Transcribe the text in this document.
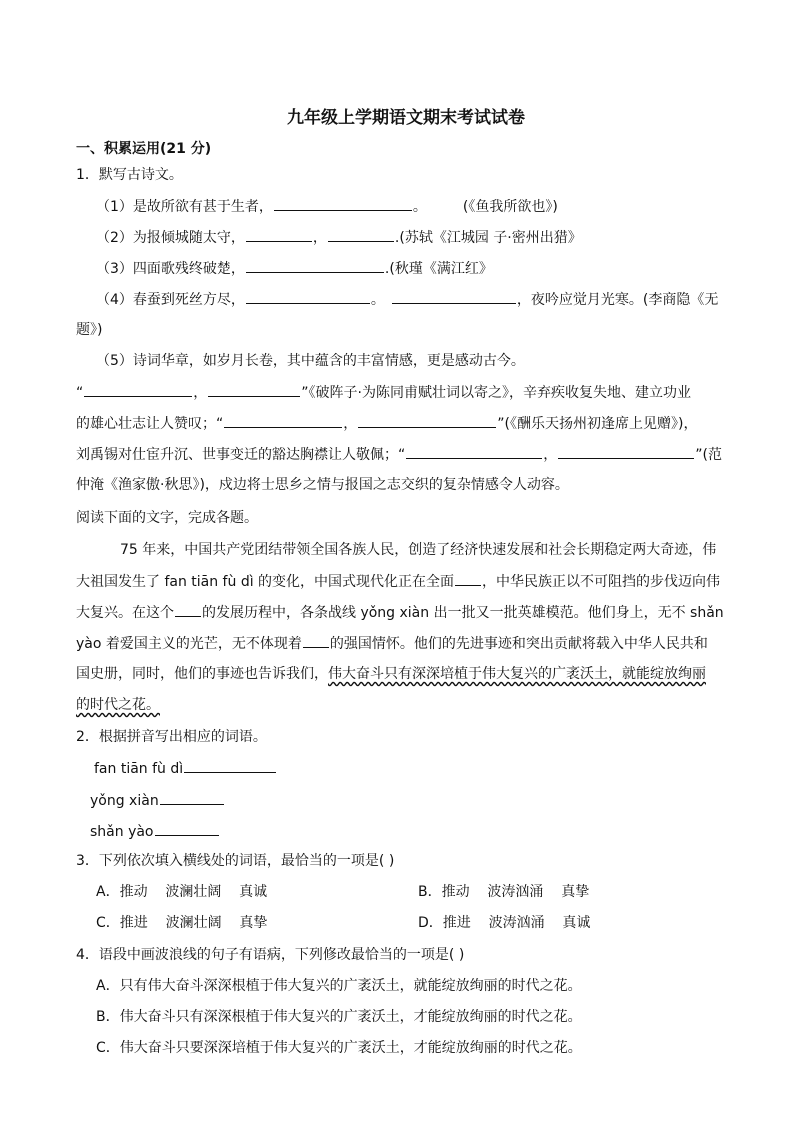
九年级上学期语文期末考试试卷
一、积累运用(21 分)
1．默写古诗文。
（1）是故所欲有甚于生者，	。	(《鱼我所欲也》)
（2）为报倾城随太守，	，	.(苏轼《江城园 子·密州出猎》
（3）四面歌残终破楚，	.(秋瑾《满江红》
（4）春蚕到死丝方尽，	。	，夜吟应觉月光寒。(李商隐《无
题》)
（5）诗词华章，如岁月长卷，其中蕴含的丰富情感，更是感动古今。
“	，	”《破阵子·为陈同甫赋壮词以寄之》，辛弃疾收复失地、建立功业
的雄心壮志让人赞叹；“	，	”(《酬乐天扬州初逢席上见赠》)，
刘禹锡对仕宦升沉、世事变迁的豁达胸襟让人敬佩；“	，	”(范
仲淹《渔家傲·秋思》)，戍边将士思乡之情与报国之志交织的复杂情感令人动容。
阅读下面的文字，完成各题。
75 年来，中国共产党团结带领全国各族人民，创造了经济快速发展和社会长期稳定两大奇迹，伟
大祖国发生了 fan tiān fù dì 的变化，中国式现代化正在全面 ，中华民族正以不可阻挡的步伐迈向伟
大复兴。在这个 的发展历程中，各条战线 yǒng xiàn 出一批又一批英雄模范。他们身上，无不 shǎn
yào 着爱国主义的光芒，无不体现着 的强国情怀。他们的先进事迹和突出贡献将载入中华人民共和
国史册，同时，他们的事迹也告诉我们，伟大奋斗只有深深培植于伟大复兴的广袤沃土，就能绽放绚丽
的时代之花。
2．根据拼音写出相应的词语。
fan tiān fù dì
yǒng xiàn
shǎn yào
3．下列依次填入横线处的词语，最恰当的一项是( )
A．推动    波澜壮阔    真诚	B．推动    波涛汹涌    真挚
C．推进    波澜壮阔    真挚	D．推进    波涛汹涌    真诚
4．语段中画波浪线的句子有语病，下列修改最恰当的一项是( )
A．只有伟大奋斗深深根植于伟大复兴的广袤沃土，就能绽放绚丽的时代之花。
B．伟大奋斗只有深深根植于伟大复兴的广袤沃土，才能绽放绚丽的时代之花。
C．伟大奋斗只要深深培植于伟大复兴的广袤沃土，才能绽放绚丽的时代之花。
